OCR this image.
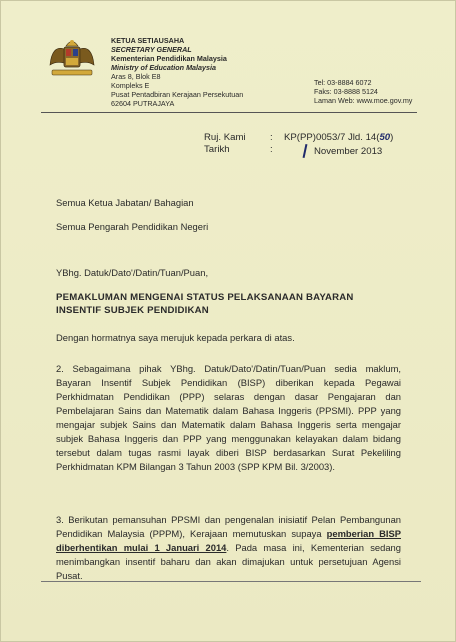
KETUA SETIAUSAHA
SECRETARY GENERAL
Kementerian Pendidikan Malaysia
Ministry of Education Malaysia
Aras 8, Blok E8
Kompleks E
Pusat Pentadbiran Kerajaan Persekutuan
62604 PUTRAJAYA
Tel: 03-8884 6072
Faks: 03-8888 5124
Laman Web: www.moe.gov.my
Ruj. Kami	:	KP(PP)0053/7 Jld. 14(50)
Tarikh	:	November 2013
Semua Ketua Jabatan/ Bahagian
Semua Pengarah Pendidikan Negeri
YBhg. Datuk/Dato'/Datin/Tuan/Puan,
PEMAKLUMAN MENGENAI STATUS PELAKSANAAN BAYARAN
INSENTIF SUBJEK PENDIDIKAN
Dengan hormatnya saya merujuk kepada perkara di atas.
2. Sebagaimana pihak YBhg. Datuk/Dato'/Datin/Tuan/Puan sedia maklum, Bayaran Insentif Subjek Pendidikan (BISP) diberikan kepada Pegawai Perkhidmatan Pendidikan (PPP) selaras dengan dasar Pengajaran dan Pembelajaran Sains dan Matematik dalam Bahasa Inggeris (PPSMI). PPP yang mengajar subjek Sains dan Matematik dalam Bahasa Inggeris serta mengajar subjek Bahasa Inggeris dan PPP yang menggunakan kelayakan dalam bidang tersebut dalam tugas rasmi layak diberi BISP berdasarkan Surat Pekeliling Perkhidmatan KPM Bilangan 3 Tahun 2003 (SPP KPM Bil. 3/2003).
3. Berikutan pemansuhan PPSMI dan pengenalan inisiatif Pelan Pembangunan Pendidikan Malaysia (PPPM), Kerajaan memutuskan supaya pemberian BISP diberhentikan mulai 1 Januari 2014. Pada masa ini, Kementerian sedang menimbangkan insentif baharu dan akan dimajukan untuk persetujuan Agensi Pusat.
